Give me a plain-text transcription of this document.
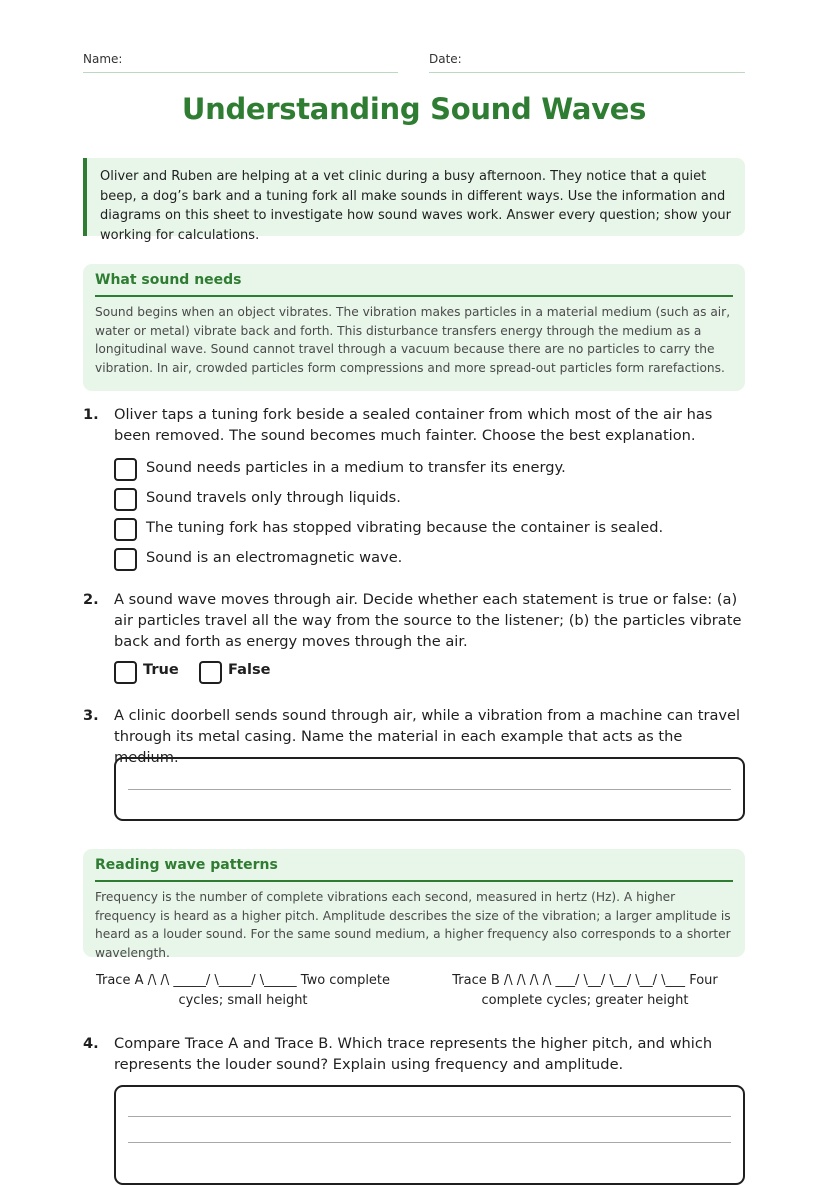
Name:	Date:
Understanding Sound Waves
Oliver and Ruben are helping at a vet clinic during a busy afternoon. They notice that a quiet beep, a dog’s bark and a tuning fork all make sounds in different ways. Use the information and diagrams on this sheet to investigate how sound waves work. Answer every question; show your working for calculations.
What sound needs

Sound begins when an object vibrates. The vibration makes particles in a material medium (such as air, water or metal) vibrate back and forth. This disturbance transfers energy through the medium as a longitudinal wave. Sound cannot travel through a vacuum because there are no particles to carry the vibration. In air, crowded particles form compressions and more spread-out particles form rarefactions.

1. Oliver taps a tuning fork beside a sealed container from which most of the air has been removed. The sound becomes much fainter. Choose the best explanation.
Sound needs particles in a medium to transfer its energy.
Sound travels only through liquids.
The tuning fork has stopped vibrating because the container is sealed.
Sound is an electromagnetic wave.
2. A sound wave moves through air. Decide whether each statement is true or false: (a) air particles travel all the way from the source to the listener; (b) the particles vibrate back and forth as energy moves through the air.
True	False
3. A clinic doorbell sends sound through air, while a vibration from a machine can travel through its metal casing. Name the material in each example that acts as the medium.
Reading wave patterns

Frequency is the number of complete vibrations each second, measured in hertz (Hz). A higher frequency is heard as a higher pitch. Amplitude describes the size of the vibration; a larger amplitude is heard as a louder sound. For the same sound medium, a higher frequency also corresponds to a shorter wavelength.

Trace A /\ /\ _____/ \_____/ \_____ Two complete cycles; small height
Trace B /\ /\ /\ /\ ___/ \__/ \__/ \__/ \___ Four complete cycles; greater height
4. Compare Trace A and Trace B. Which trace represents the higher pitch, and which represents the louder sound? Explain using frequency and amplitude.
